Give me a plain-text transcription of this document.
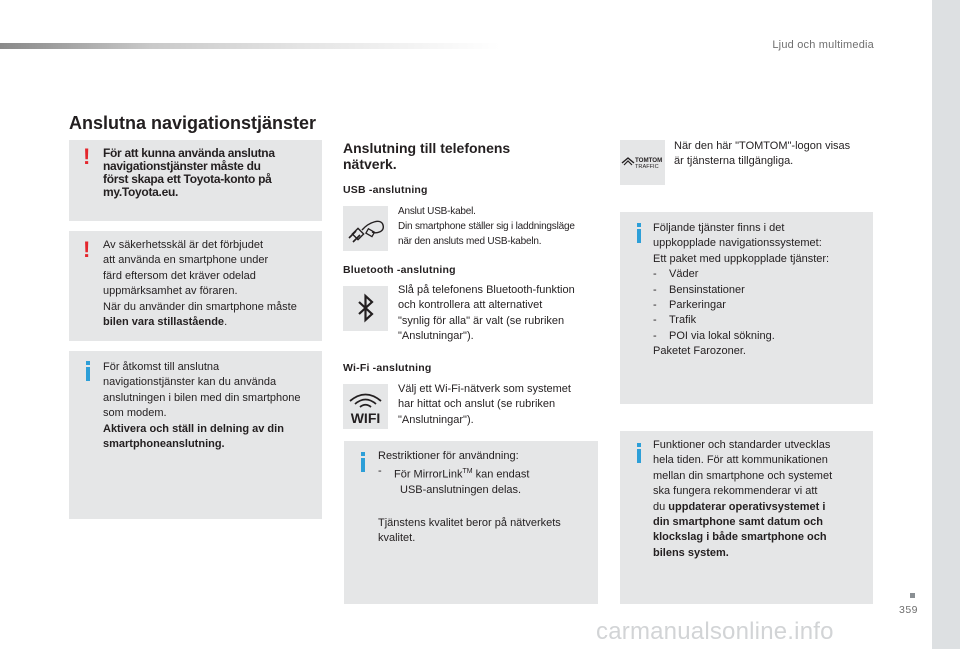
Ljud och multimedia
Anslutna navigationstjänster
! För att kunna använda anslutna
navigationstjänster måste du
först skapa ett Toyota-konto på
my.Toyota.eu.
! Av säkerhetsskäl är det förbjudet
att använda en smartphone under
färd eftersom det kräver odelad
uppmärksamhet av föraren.
När du använder din smartphone måste
bilen vara stillastående.
För åtkomst till anslutna
navigationstjänster kan du använda
anslutningen i bilen med din smartphone
som modem.
Aktivera och ställ in delning av din
smartphoneanslutning.
Anslutning till telefonens
nätverk.
USB -anslutning
Anslut USB-kabel.
Din smartphone ställer sig i laddningsläge
när den ansluts med USB-kabeln.
Bluetooth -anslutning
Slå på telefonens Bluetooth-funktion
och kontrollera att alternativet
"synlig för alla" är valt (se rubriken
"Anslutningar").
Wi-Fi -anslutning
WIFI
Välj ett Wi-Fi-nätverk som systemet
har hittat och anslut (se rubriken
"Anslutningar").
Restriktioner för användning:
-	För MirrorLink™ kan endast
USB-anslutningen delas.
Tjänstens kvalitet beror på nätverkets
kvalitet.
TOMTOM
TRAFFIC
När den här "TOMTOM"-logon visas
är tjänsterna tillgängliga.
Följande tjänster finns i det
uppkopplade navigationssystemet:
Ett paket med uppkopplade tjänster:
-	Väder
-	Bensinstationer
-	Parkeringar
-	Trafik
-	POI via lokal sökning.
Paketet Farozoner.
Funktioner och standarder utvecklas
hela tiden. För att kommunikationen
mellan din smartphone och systemet
ska fungera rekommenderar vi att
du uppdaterar operativsystemet i
din smartphone samt datum och
klockslag i både smartphone och
bilens system.
359
carmanualsonline.info
